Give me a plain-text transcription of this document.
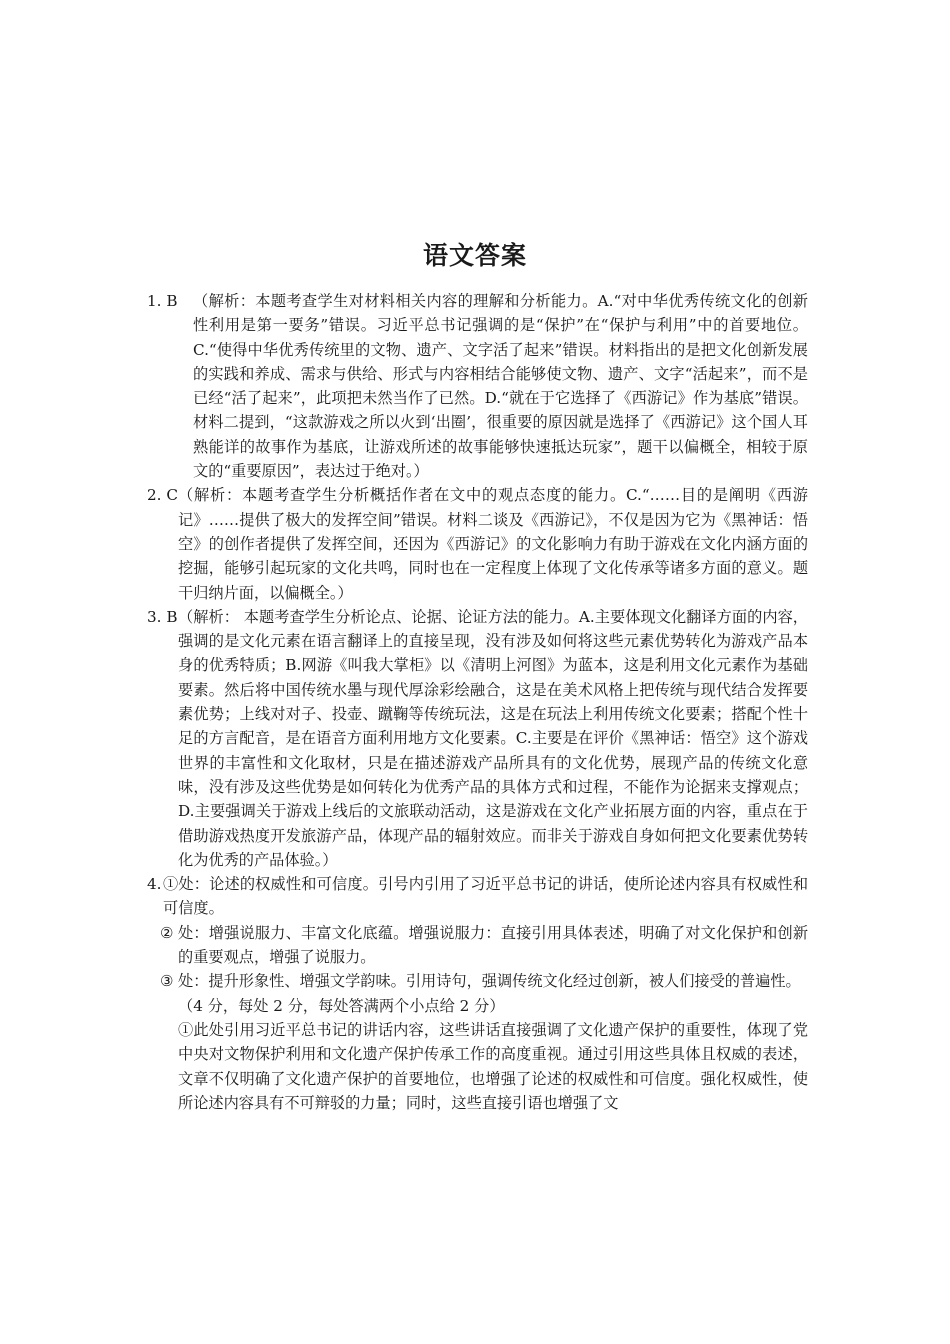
语文答案
1. B （解析：本题考查学生对材料相关内容的理解和分析能力。A.“对中华优秀传统文化的创新性利用是第一要务”错误。习近平总书记强调的是“保护”在“保护与利用”中的首要地位。C.“使得中华优秀传统里的文物、遗产、文字活了起来”错误。材料指出的是把文化创新发展的实践和养成、需求与供给、形式与内容相结合能够使文物、遗产、文字“活起来”，而不是已经“活了起来”，此项把未然当作了已然。D.“就在于它选择了《西游记》作为基底”错误。材料二提到，“这款游戏之所以火到‘出圈’，很重要的原因就是选择了《西游记》这个国人耳熟能详的故事作为基底，让游戏所述的故事能够快速抵达玩家”，题干以偏概全，相较于原文的“重要原因”，表达过于绝对。）
2. C （解析：本题考查学生分析概括作者在文中的观点态度的能力。C.“……目的是阐明《西游记》……提供了极大的发挥空间”错误。材料二谈及《西游记》，不仅是因为它为《黑神话：悟空》的创作者提供了发挥空间，还因为《西游记》的文化影响力有助于游戏在文化内涵方面的挖掘，能够引起玩家的文化共鸣，同时也在一定程度上体现了文化传承等诸多方面的意义。题干归纳片面，以偏概全。）
3. B （解析： 本题考查学生分析论点、论据、论证方法的能力。A.主要体现文化翻译方面的内容，强调的是文化元素在语言翻译上的直接呈现，没有涉及如何将这些元素优势转化为游戏产品本身的优秀特质；B.网游《叫我大掌柜》以《清明上河图》为蓝本，这是利用文化元素作为基础要素。然后将中国传统水墨与现代厚涂彩绘融合，这是在美术风格上把传统与现代结合发挥要素优势；上线对对子、投壶、蹴鞠等传统玩法，这是在玩法上利用传统文化要素；搭配个性十足的方言配音，是在语音方面利用地方文化要素。C.主要是在评价《黑神话：悟空》这个游戏世界的丰富性和文化取材，只是在描述游戏产品所具有的文化优势，展现产品的传统文化意味，没有涉及这些优势是如何转化为优秀产品的具体方式和过程，不能作为论据来支撑观点；D.主要强调关于游戏上线后的文旅联动活动，这是游戏在文化产业拓展方面的内容，重点在于借助游戏热度开发旅游产品，体现产品的辐射效应。而非关于游戏自身如何把文化要素优势转化为优秀的产品体验。）
4. ①处：论述的权威性和可信度。引号内引用了习近平总书记的讲话，使所论述内容具有权威性和可信度。
② 处：增强说服力、丰富文化底蕴。增强说服力：直接引用具体表述，明确了对文化保护和创新的重要观点，增强了说服力。
③ 处：提升形象性、增强文学韵味。引用诗句，强调传统文化经过创新，被人们接受的普遍性。
（4 分，每处 2 分，每处答满两个小点给 2 分）
①此处引用习近平总书记的讲话内容，这些讲话直接强调了文化遗产保护的重要性，体现了党中央对文物保护利用和文化遗产保护传承工作的高度重视。通过引用这些具体且权威的表述，文章不仅明确了文化遗产保护的首要地位，也增强了论述的权威性和可信度。强化权威性，使所论述内容具有不可辩驳的力量；同时，这些直接引语也增强了文
